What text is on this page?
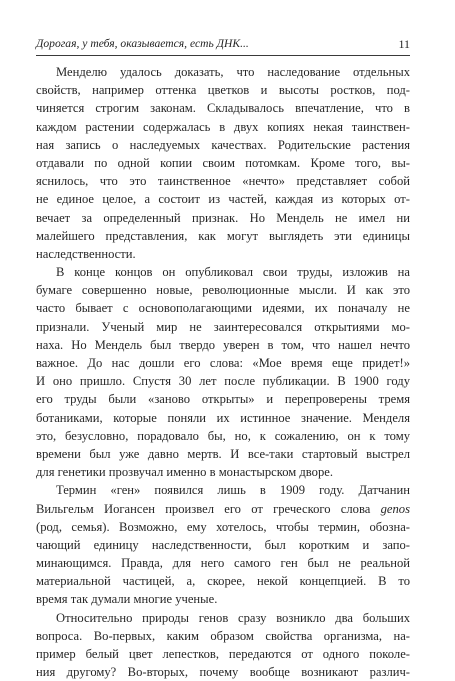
Дорогая, у тебя, оказывается, есть ДНК...	11
Менделю удалось доказать, что наследование отдельных
свойств, например оттенка цветков и высоты ростков, под-
чиняется строгим законам. Складывалось впечатление, что в
каждом растении содержалась в двух копиях некая таинствен-
ная запись о наследуемых качествах. Родительские растения
отдавали по одной копии своим потомкам. Кроме того, вы-
яснилось, что это таинственное «нечто» представляет собой
не единое целое, а состоит из частей, каждая из которых от-
вечает за определенный признак. Но Мендель не имел ни
малейшего представления, как могут выглядеть эти единицы
наследственности.
В конце концов он опубликовал свои труды, изложив на
бумаге совершенно новые, революционные мысли. И как это
часто бывает с основополагающими идеями, их поначалу не
признали. Ученый мир не заинтересовался открытиями мо-
наха. Но Мендель был твердо уверен в том, что нашел нечто
важное. До нас дошли его слова: «Мое время еще придет!»
И оно пришло. Спустя 30 лет после публикации. В 1900 году
его труды были «заново открыты» и перепроверены тремя
ботаниками, которые поняли их истинное значение. Менделя
это, безусловно, порадовало бы, но, к сожалению, он к тому
времени был уже давно мертв. И все-таки стартовый выстрел
для генетики прозвучал именно в монастырском дворе.
Термин «ген» появился лишь в 1909 году. Датчанин
Вильгельм Иогансен произвел его от греческого слова genos
(род, семья). Возможно, ему хотелось, чтобы термин, обозна-
чающий единицу наследственности, был коротким и запо-
минающимся. Правда, для него самого ген был не реальной
материальной частицей, а, скорее, некой концепцией. В то
время так думали многие ученые.
Относительно природы генов сразу возникло два больших
вопроса. Во-первых, каким образом свойства организма, на-
пример белый цвет лепестков, передаются от одного поколе-
ния другому? Во-вторых, почему вообще возникают различ-
